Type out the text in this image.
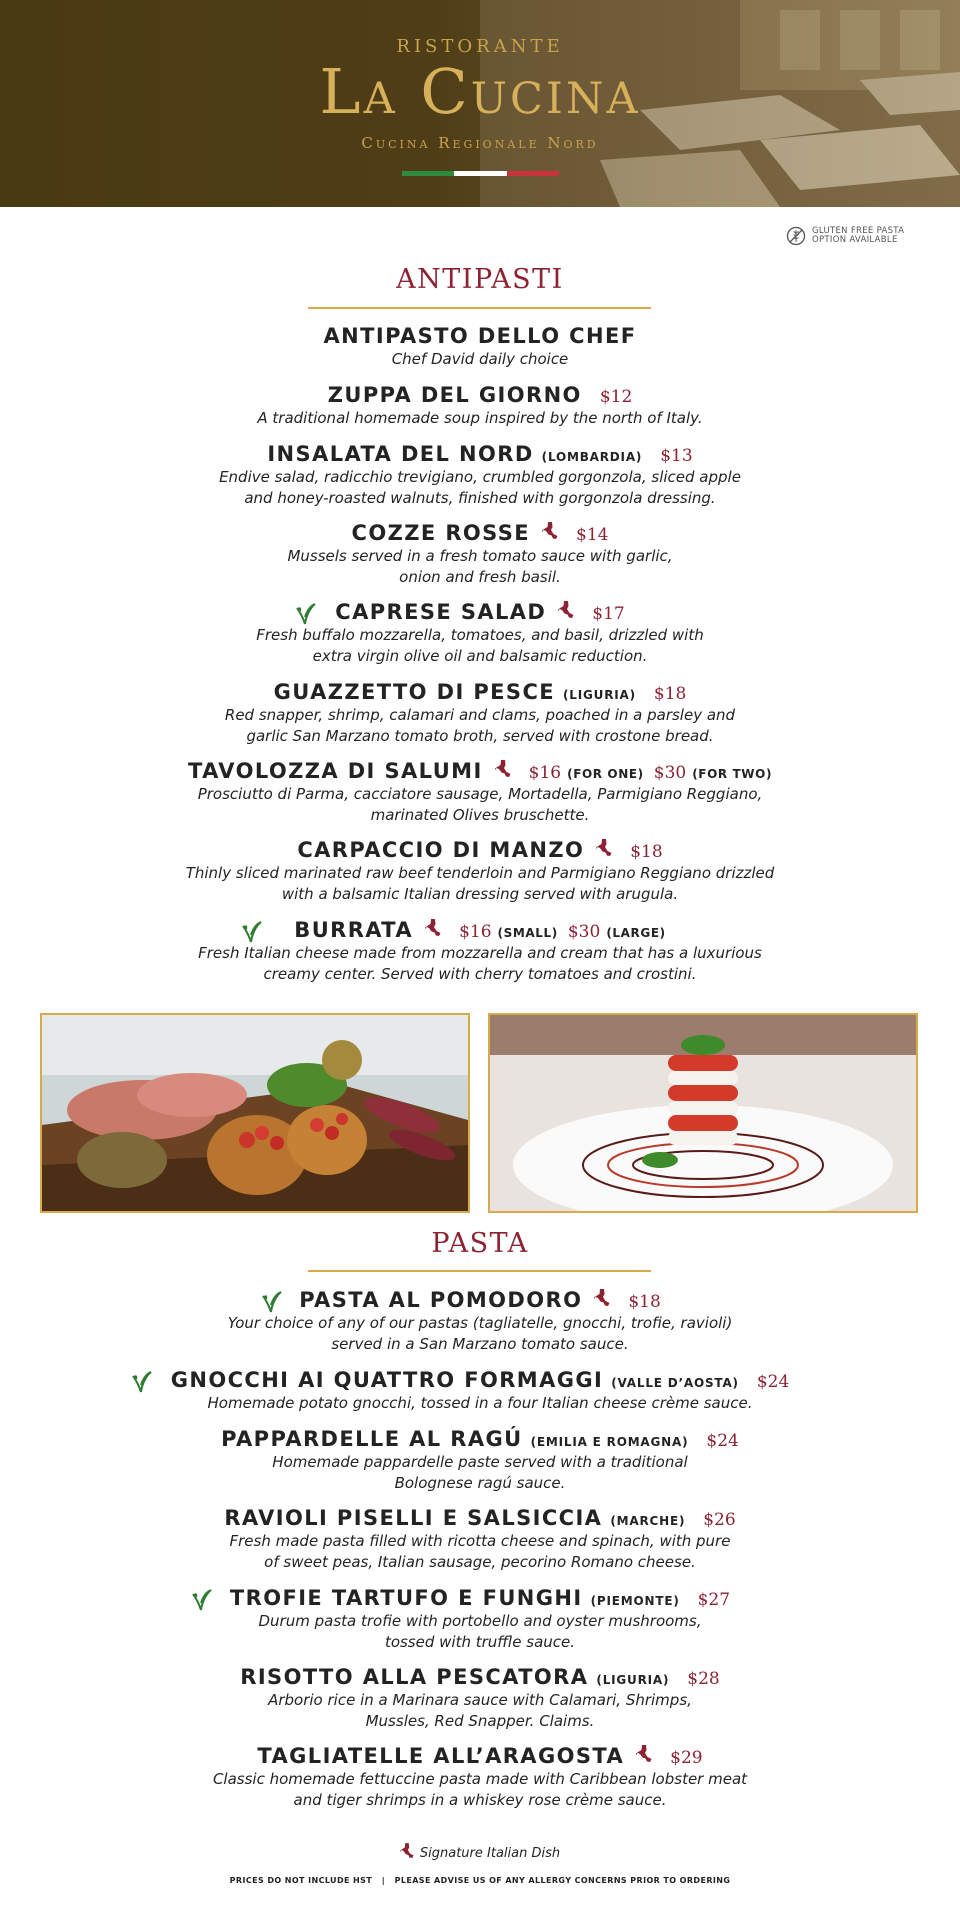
RISTORANTE
La Cucina
Cucina Regionale Nord
GLUTEN FREE PASTA
OPTION AVAILABLE
ANTIPASTI
ANTIPASTO DELLO CHEF
Chef David daily choice
ZUPPA DEL GIORNO $12
A traditional homemade soup inspired by the north of Italy.
INSALATA DEL NORD (LOMBARDIA) $13
Endive salad, radicchio trevigiano, crumbled gorgonzola, sliced apple
and honey-roasted walnuts, finished with gorgonzola dressing.
COZZE ROSSE	$14
Mussels served in a fresh tomato sauce with garlic,
onion and fresh basil.
CAPRESE SALAD	$17
Fresh buffalo mozzarella, tomatoes, and basil, drizzled with
extra virgin olive oil and balsamic reduction.
GUAZZETTO DI PESCE (LIGURIA) $18
Red snapper, shrimp, calamari and clams, poached in a parsley and
garlic San Marzano tomato broth, served with crostone bread.
TAVOLOZZA DI SALUMI	$16 (FOR ONE) $30 (FOR TWO)
Prosciutto di Parma, cacciatore sausage, Mortadella, Parmigiano Reggiano,
marinated Olives bruschette.
CARPACCIO DI MANZO	$18
Thinly sliced marinated raw beef tenderloin and Parmigiano Reggiano drizzled
with a balsamic Italian dressing served with arugula.
BURRATA	$16 (SMALL) $30 (LARGE)
Fresh Italian cheese made from mozzarella and cream that has a luxurious
creamy center. Served with cherry tomatoes and crostini.
PASTA
PASTA AL POMODORO	$18
Your choice of any of our pastas (tagliatelle, gnocchi, trofie, ravioli)
served in a San Marzano tomato sauce.
GNOCCHI AI QUATTRO FORMAGGI (VALLE D’AOSTA) $24
Homemade potato gnocchi, tossed in a four Italian cheese crème sauce.
PAPPARDELLE AL RAGÚ (EMILIA E ROMAGNA) $24
Homemade pappardelle paste served with a traditional
Bolognese ragú sauce.
RAVIOLI PISELLI E SALSICCIA (MARCHE) $26
Fresh made pasta filled with ricotta cheese and spinach, with pure
of sweet peas, Italian sausage, pecorino Romano cheese.
TROFIE TARTUFO E FUNGHI (PIEMONTE) $27
Durum pasta trofie with portobello and oyster mushrooms,
tossed with truffle sauce.
RISOTTO ALLA PESCATORA (LIGURIA) $28
Arborio rice in a Marinara sauce with Calamari, Shrimps,
Mussles, Red Snapper. Claims.
TAGLIATELLE ALL’ARAGOSTA	$29
Classic homemade fettuccine pasta made with Caribbean lobster meat
and tiger shrimps in a whiskey rose crème sauce.
Signature Italian Dish
PRICES DO NOT INCLUDE HST   |   PLEASE ADVISE US OF ANY ALLERGY CONCERNS PRIOR TO ORDERING
